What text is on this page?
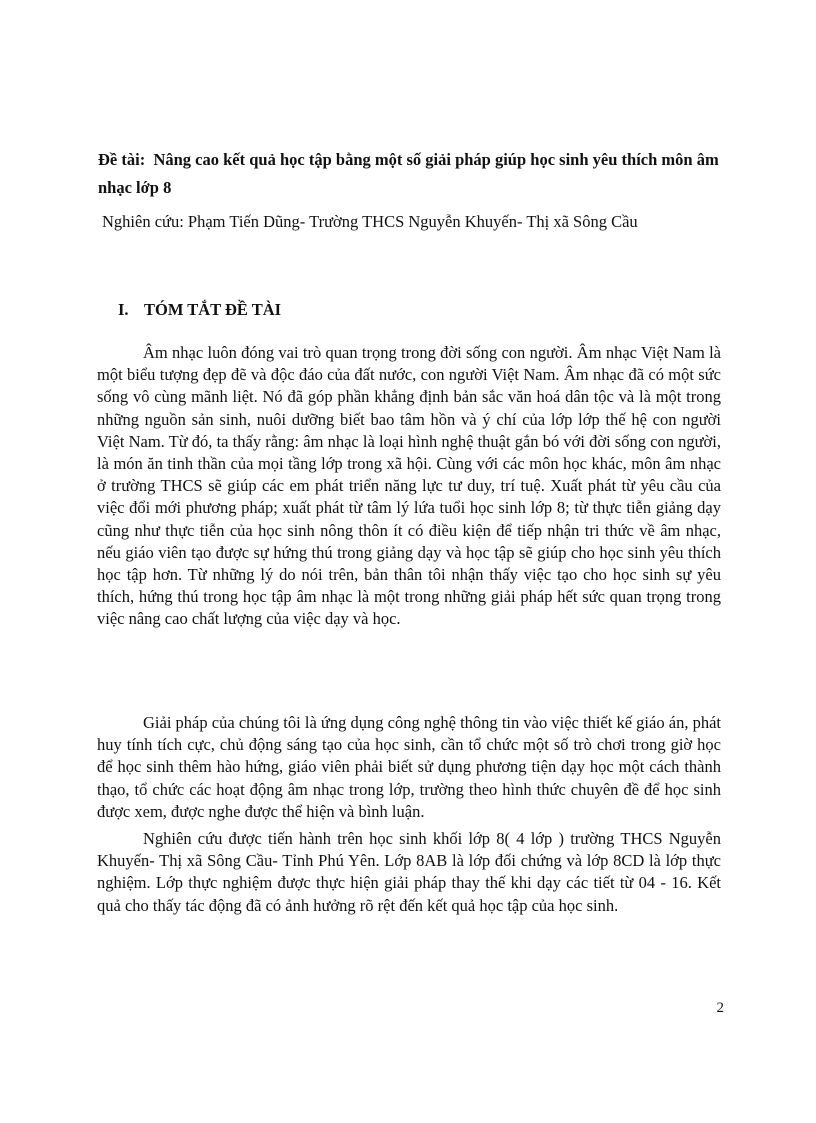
Đề tài: Nâng cao kết quả học tập bằng một số giải pháp giúp học sinh yêu thích môn âm nhạc lớp 8

Nghiên cứu: Phạm Tiến Dũng- Trường THCS Nguyễn Khuyến- Thị xã Sông Cầu

I. TÓM TẮT ĐỀ TÀI

Âm nhạc luôn đóng vai trò quan trọng trong đời sống con người. Âm nhạc Việt Nam là một biểu tượng đẹp đẽ và độc đáo của đất nước, con người Việt Nam. Âm nhạc đã có một sức sống vô cùng mãnh liệt. Nó đã góp phần khẳng định bản sắc văn hoá dân tộc và là một trong những nguồn sản sinh, nuôi dưỡng biết bao tâm hồn và ý chí của lớp lớp thế hệ con người Việt Nam. Từ đó, ta thấy rằng: âm nhạc là loại hình nghệ thuật gắn bó với đời sống con người, là món ăn tinh thần của mọi tầng lớp trong xã hội. Cùng với các môn học khác, môn âm nhạc ở trường THCS sẽ giúp các em phát triển năng lực tư duy, trí tuệ. Xuất phát từ yêu cầu của việc đổi mới phương pháp; xuất phát từ tâm lý lứa tuổi học sinh lớp 8; từ thực tiễn giảng dạy cũng như thực tiễn của học sinh nông thôn ít có điều kiện để tiếp nhận tri thức về âm nhạc, nếu giáo viên tạo được sự hứng thú trong giảng dạy và học tập sẽ giúp cho học sinh yêu thích học tập hơn. Từ những lý do nói trên, bản thân tôi nhận thấy việc tạo cho học sinh sự yêu thích, hứng thú trong học tập âm nhạc là một trong những giải pháp hết sức quan trọng trong việc nâng cao chất lượng của việc dạy và học.

Giải pháp của chúng tôi là ứng dụng công nghệ thông tin vào việc thiết kế giáo án, phát huy tính tích cực, chủ động sáng tạo của học sinh, cần tổ chức một số trò chơi trong giờ học để học sinh thêm hào hứng, giáo viên phải biết sử dụng phương tiện dạy học một cách thành thạo, tổ chức các hoạt động âm nhạc trong lớp, trường theo hình thức chuyên đề để học sinh được xem, được nghe được thể hiện và bình luận.

Nghiên cứu được tiến hành trên học sinh khối lớp 8( 4 lớp ) trường THCS Nguyễn Khuyến- Thị xã Sông Cầu- Tỉnh Phú Yên. Lớp 8AB là lớp đối chứng và lớp 8CD là lớp thực nghiệm. Lớp thực nghiệm được thực hiện giải pháp thay thế khi dạy các tiết từ 04 - 16. Kết quả cho thấy tác động đã có ảnh hưởng rõ rệt đến kết quả học tập của học sinh.

2
